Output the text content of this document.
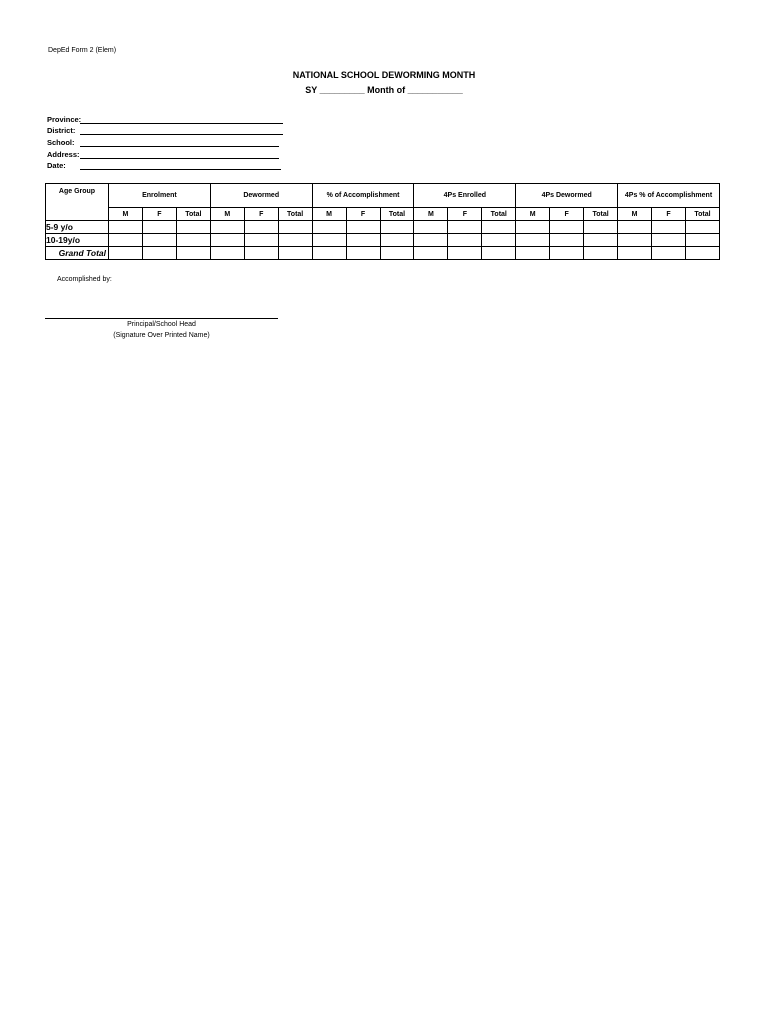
DepEd Form 2 (Elem)
NATIONAL SCHOOL DEWORMING MONTH
SY _________ Month of ___________
Province:
District:
School:
Address:
Date:
Age Group	Enrolment			Dewormed			% of Accomplishment			4Ps Enrolled			4Ps Dewormed			4Ps % of Accomplishment		
	M	F	Total	M	F	Total	M	F	Total	M	F	Total	M	F	Total	M	F	Total
5-9 y/o																		
10-19y/o																		
Grand Total																		
Accomplished by:
Principal/School Head
(Signature Over Printed Name)
